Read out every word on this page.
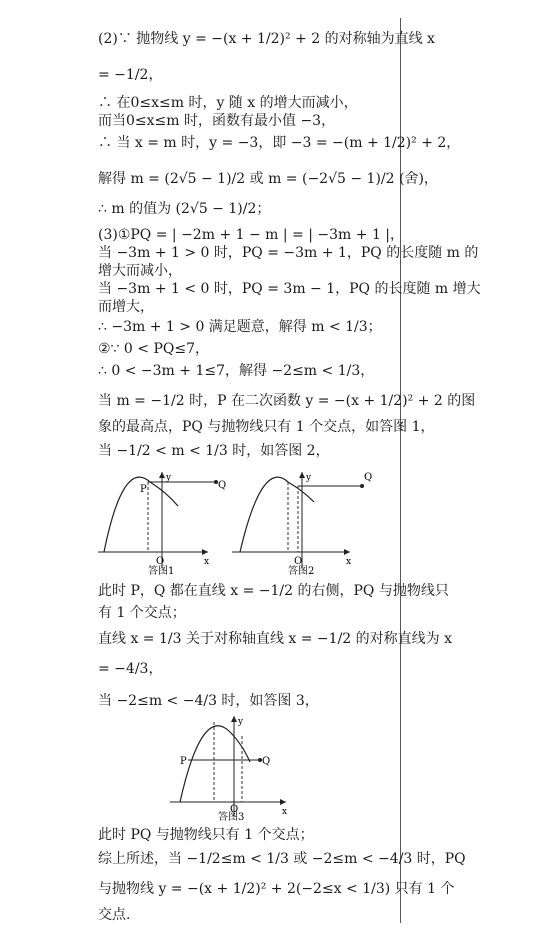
(2)∵ 抛物线 y = −(x + 1/2)² + 2 的对称轴为直线 x
= −1/2，
∴ 在0≤x≤m 时，y 随 x 的增大而减小，
而当0≤x≤m 时，函数有最小值 −3，
∴ 当 x = m 时，y = −3，即 −3 = −(m + 1/2)² + 2，
解得 m = (2√5 − 1)/2 或 m = (−2√5 − 1)/2 (舍)，
∴ m 的值为 (2√5 − 1)/2；
(3)①PQ = | −2m + 1 − m | = | −3m + 1 |，
当 −3m + 1 > 0 时，PQ = −3m + 1，PQ 的长度随 m 的
增大而减小，
当 −3m + 1 < 0 时，PQ = 3m − 1，PQ 的长度随 m 增大
而增大，
∴ −3m + 1 > 0 满足题意，解得 m < 1/3；
②∵ 0 < PQ≤7，
∴ 0 < −3m + 1≤7，解得 −2≤m < 1/3，
当 m = −1/2 时，P 在二次函数 y = −(x + 1/2)² + 2 的图
象的最高点，PQ 与抛物线只有 1 个交点，如答图 1，
当 −1/2 < m < 1/3 时，如答图 2，
P	Q
O	x
y
答图1
Q
O	x
y
答图2
此时 P，Q 都在直线 x = −1/2 的右侧，PQ 与抛物线只
有 1 个交点；
直线 x = 1/3 关于对称轴直线 x = −1/2 的对称直线为 x
= −4/3，
当 −2≤m < −4/3 时，如答图 3，
P	Q
O	x
y
答图3
此时 PQ 与抛物线只有 1 个交点；
综上所述，当 −1/2≤m < 1/3 或 −2≤m < −4/3 时，PQ
与抛物线 y = −(x + 1/2)² + 2(−2≤x < 1/3) 只有 1 个
交点.
